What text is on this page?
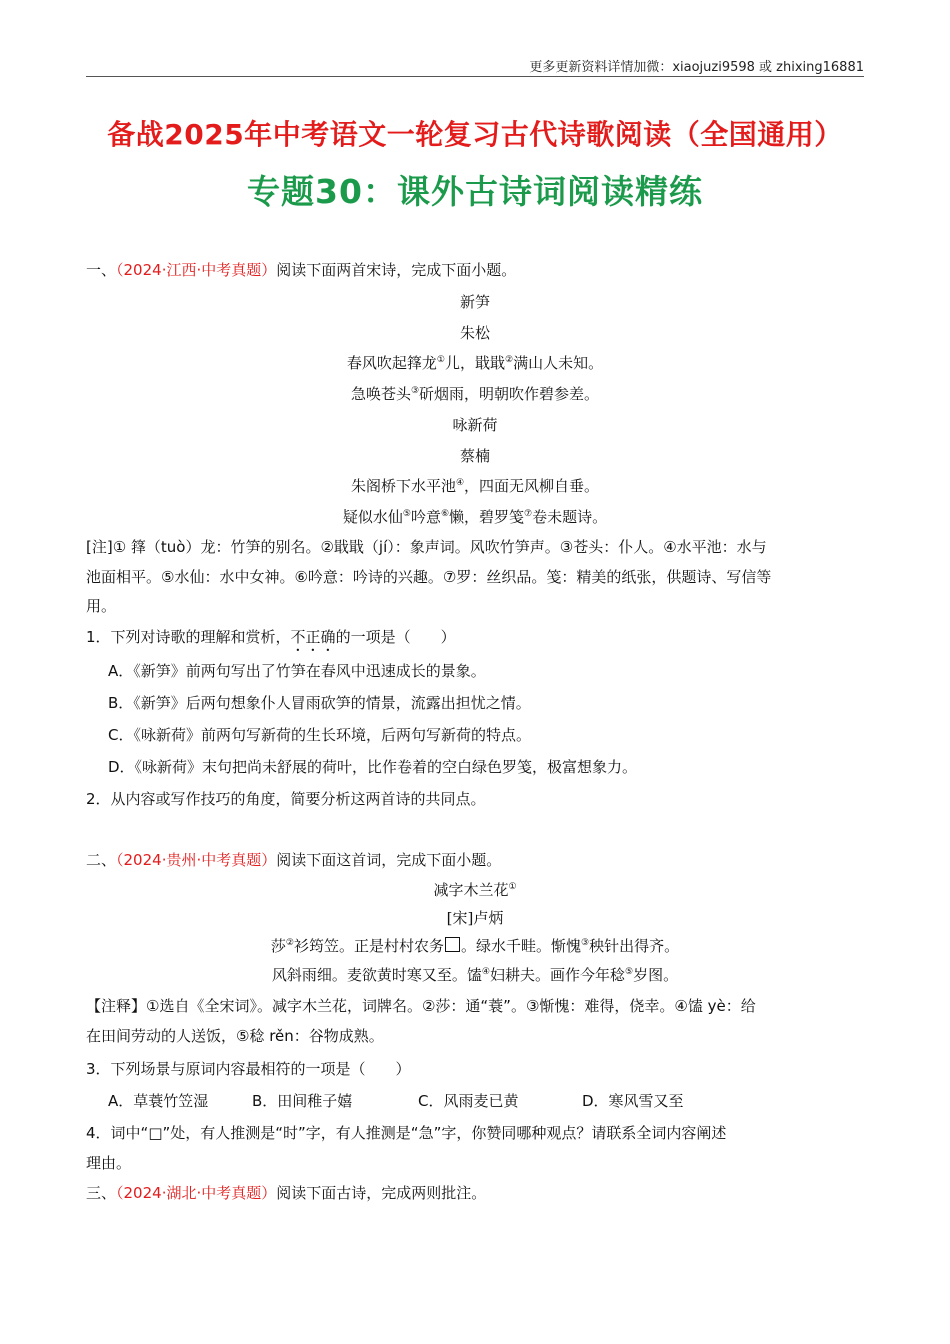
更多更新资料详情加微：xiaojuzi9598 或 zhixing16881
备战2025年中考语文一轮复习古代诗歌阅读（全国通用）
专题30：课外古诗词阅读精练
一、（2024·江西·中考真题）阅读下面两首宋诗，完成下面小题。
新笋
朱松
春风吹起箨龙①儿，戢戢②满山人未知。
急唤苍头③斫烟雨，明朝吹作碧参差。
咏新荷
蔡楠
朱阁桥下水平池④，四面无风柳自垂。
疑似水仙⑤吟意⑥懒，碧罗笺⑦卷未题诗。
[注]① 箨（tuò）龙：竹笋的别名。②戢戢（jí）：象声词。风吹竹笋声。③苍头：仆人。④水平池：水与
池面相平。⑤水仙：水中女神。⑥吟意：吟诗的兴趣。⑦罗：丝织品。笺：精美的纸张，供题诗、写信等
用。
1．下列对诗歌的理解和赏析，不正确的一项是（　　）
A．《新笋》前两句写出了竹笋在春风中迅速成长的景象。
B．《新笋》后两句想象仆人冒雨砍笋的情景，流露出担忧之情。
C．《咏新荷》前两句写新荷的生长环境，后两句写新荷的特点。
D．《咏新荷》末句把尚未舒展的荷叶，比作卷着的空白绿色罗笺，极富想象力。
2．从内容或写作技巧的角度，简要分析这两首诗的共同点。
二、（2024·贵州·中考真题）阅读下面这首词，完成下面小题。
减字木兰花①
[宋]卢炳
莎②衫筠笠。正是村村农务 。绿水千畦。惭愧③秧针出得齐。
风斜雨细。麦欲黄时寒又至。馌④妇耕夫。画作今年稔⑤岁图。
【注释】①选自《全宋词》。减字木兰花，词牌名。②莎：通“蓑”。③惭愧：难得，侥幸。④馌 yè：给
在田间劳动的人送饭，⑤稔 rěn：谷物成熟。
3．下列场景与原词内容最相符的一项是（　　）
A．草蓑竹笠湿	B．田间稚子嬉	C．风雨麦已黄	D．寒风雪又至
4．词中“□”处，有人推测是“时”字，有人推测是“急”字，你赞同哪种观点？请联系全词内容阐述
理由。
三、（2024·湖北·中考真题）阅读下面古诗，完成两则批注。
